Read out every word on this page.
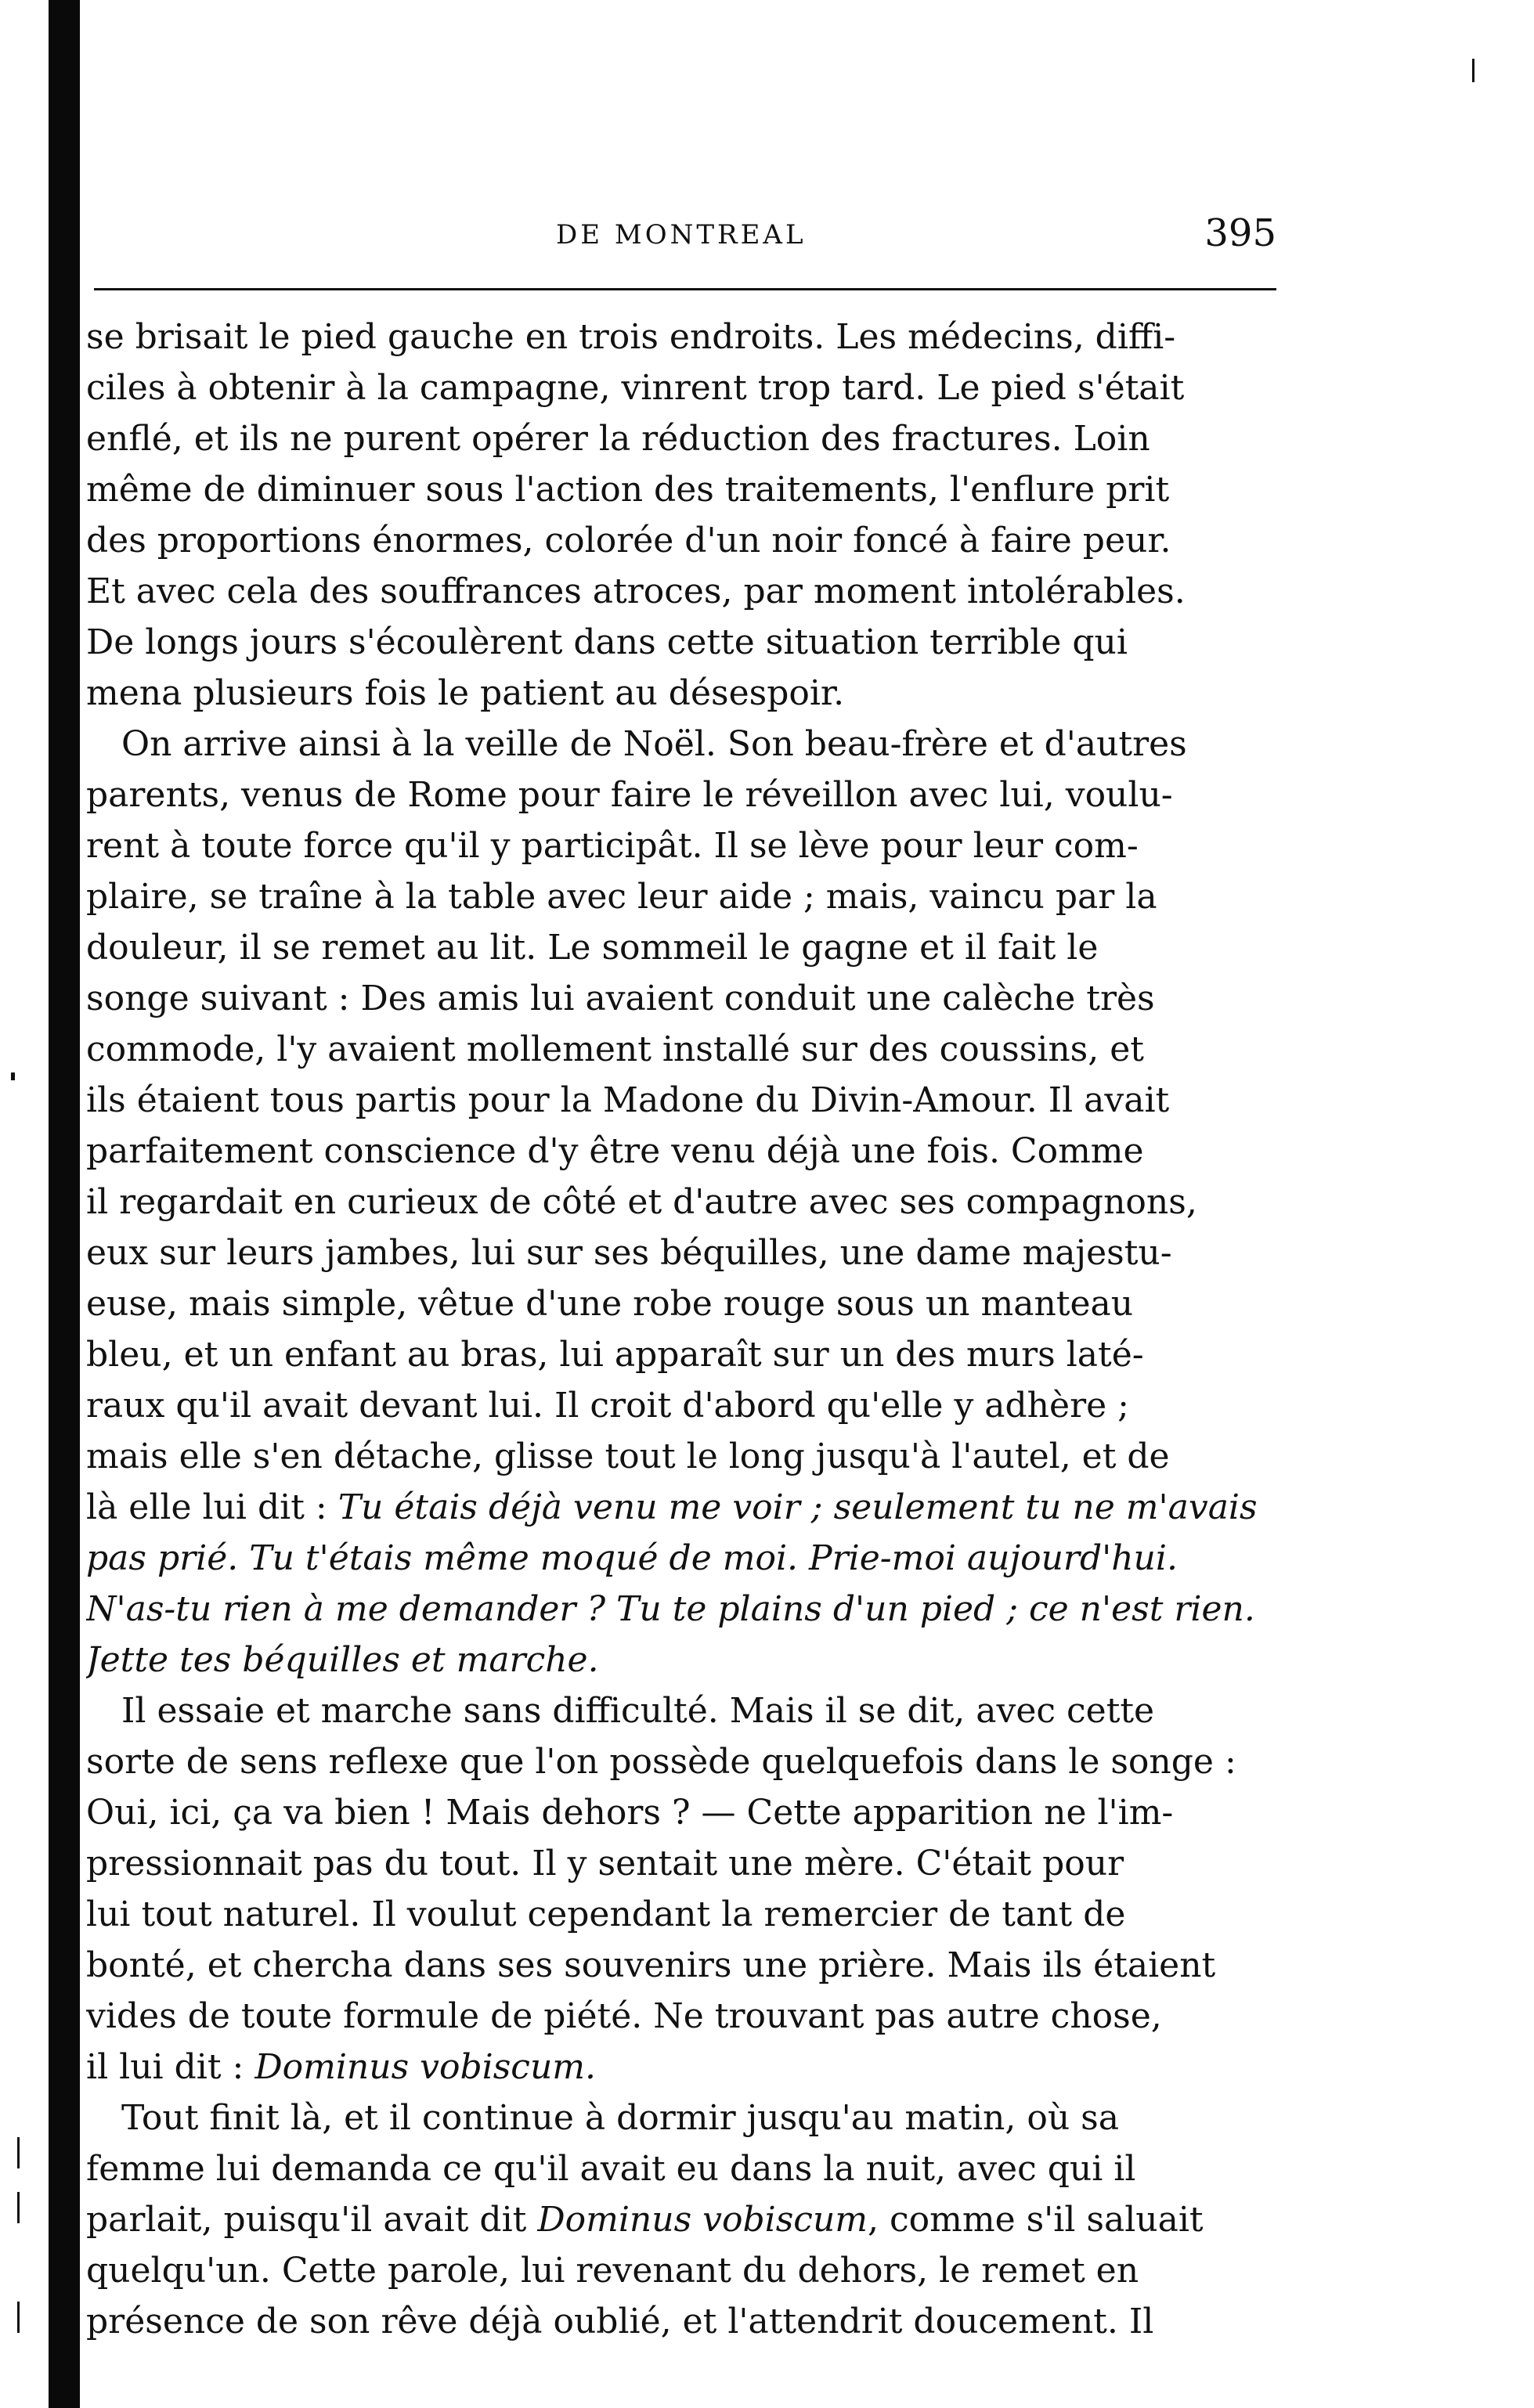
DE MONTREAL	395

se brisait le pied gauche en trois endroits. Les médecins, diffi-
ciles à obtenir à la campagne, vinrent trop tard. Le pied s'était
enflé, et ils ne purent opérer la réduction des fractures. Loin
même de diminuer sous l'action des traitements, l'enflure prit
des proportions énormes, colorée d'un noir foncé à faire peur.
Et avec cela des souffrances atroces, par moment intolérables.
De longs jours s'écoulèrent dans cette situation terrible qui
mena plusieurs fois le patient au désespoir.

On arrive ainsi à la veille de Noël. Son beau-frère et d'autres
parents, venus de Rome pour faire le réveillon avec lui, voulu-
rent à toute force qu'il y participât. Il se lève pour leur com-
plaire, se traîne à la table avec leur aide ; mais, vaincu par la
douleur, il se remet au lit. Le sommeil le gagne et il fait le
songe suivant : Des amis lui avaient conduit une calèche très
commode, l'y avaient mollement installé sur des coussins, et
ils étaient tous partis pour la Madone du Divin-Amour. Il avait
parfaitement conscience d'y être venu déjà une fois. Comme
il regardait en curieux de côté et d'autre avec ses compagnons,
eux sur leurs jambes, lui sur ses béquilles, une dame majestu-
euse, mais simple, vêtue d'une robe rouge sous un manteau
bleu, et un enfant au bras, lui apparaît sur un des murs laté-
raux qu'il avait devant lui. Il croit d'abord qu'elle y adhère ;
mais elle s'en détache, glisse tout le long jusqu'à l'autel, et de
là elle lui dit : Tu étais déjà venu me voir ; seulement tu ne m'avais
pas prié. Tu t'étais même moqué de moi. Prie-moi aujourd'hui.
N'as-tu rien à me demander ? Tu te plains d'un pied ; ce n'est rien.
Jette tes béquilles et marche.

Il essaie et marche sans difficulté. Mais il se dit, avec cette
sorte de sens reflexe que l'on possède quelquefois dans le songe :
Oui, ici, ça va bien ! Mais dehors ? — Cette apparition ne l'im-
pressionnait pas du tout. Il y sentait une mère. C'était pour
lui tout naturel. Il voulut cependant la remercier de tant de
bonté, et chercha dans ses souvenirs une prière. Mais ils étaient
vides de toute formule de piété. Ne trouvant pas autre chose,
il lui dit : Dominus vobiscum.

Tout finit là, et il continue à dormir jusqu'au matin, où sa
femme lui demanda ce qu'il avait eu dans la nuit, avec qui il
parlait, puisqu'il avait dit Dominus vobiscum, comme s'il saluait
quelqu'un. Cette parole, lui revenant du dehors, le remet en
présence de son rêve déjà oublié, et l'attendrit doucement. Il
